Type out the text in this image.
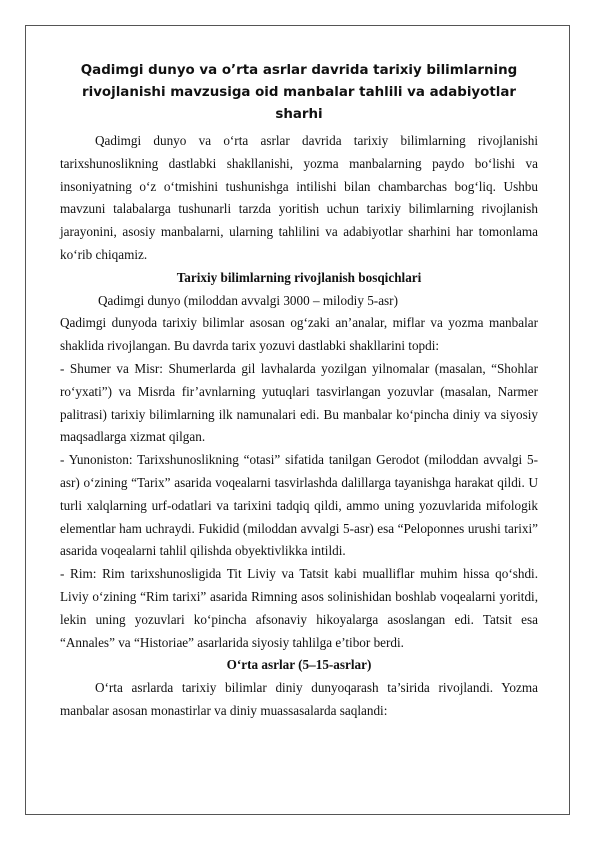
Qadimgi dunyo va o’rta asrlar davrida tarixiy bilimlarning rivojlanishi mavzusiga oid manbalar tahlili va adabiyotlar sharhi

Qadimgi dunyo va o‘rta asrlar davrida tarixiy bilimlarning rivojlanishi tarixshunoslikning dastlabki shakllanishi, yozma manbalarning paydo bo‘lishi va insoniyatning o‘z o‘tmishini tushunishga intilishi bilan chambarchas bog‘liq. Ushbu mavzuni talabalarga tushunarli tarzda yoritish uchun tarixiy bilimlarning rivojlanish jarayonini, asosiy manbalarni, ularning tahlilini va adabiyotlar sharhini har tomonlama ko‘rib chiqamiz.

Tarixiy bilimlarning rivojlanish bosqichlari

Qadimgi dunyo (miloddan avvalgi 3000 – milodiy 5-asr)

Qadimgi dunyoda tarixiy bilimlar asosan og‘zaki an’analar, miflar va yozma manbalar shaklida rivojlangan. Bu davrda tarix yozuvi dastlabki shakllarini topdi:

- Shumer va Misr: Shumerlarda gil lavhalarda yozilgan yilnomalar (masalan, “Shohlar ro‘yxati”) va Misrda fir’avnlarning yutuqlari tasvirlangan yozuvlar (masalan, Narmer palitrasi) tarixiy bilimlarning ilk namunalari edi. Bu manbalar ko‘pincha diniy va siyosiy maqsadlarga xizmat qilgan.

- Yunoniston: Tarixshunoslikning “otasi” sifatida tanilgan Gerodot (miloddan avvalgi 5-asr) o‘zining “Tarix” asarida voqealarni tasvirlashda dalillarga tayanishga harakat qildi. U turli xalqlarning urf-odatlari va tarixini tadqiq qildi, ammo uning yozuvlarida mifologik elementlar ham uchraydi. Fukidid (miloddan avvalgi 5-asr) esa “Peloponnes urushi tarixi” asarida voqealarni tahlil qilishda obyektivlikka intildi.

- Rim: Rim tarixshunosligida Tit Liviy va Tatsit kabi mualliflar muhim hissa qo‘shdi. Liviy o‘zining “Rim tarixi” asarida Rimning asos solinishidan boshlab voqealarni yoritdi, lekin uning yozuvlari ko‘pincha afsonaviy hikoyalarga asoslangan edi. Tatsit esa “Annales” va “Historiae” asarlarida siyosiy tahlilga e’tibor berdi.

O‘rta asrlar (5–15-asrlar)

O‘rta asrlarda tarixiy bilimlar diniy dunyoqarash ta’sirida rivojlandi. Yozma manbalar asosan monastirlar va diniy muassasalarda saqlandi:
